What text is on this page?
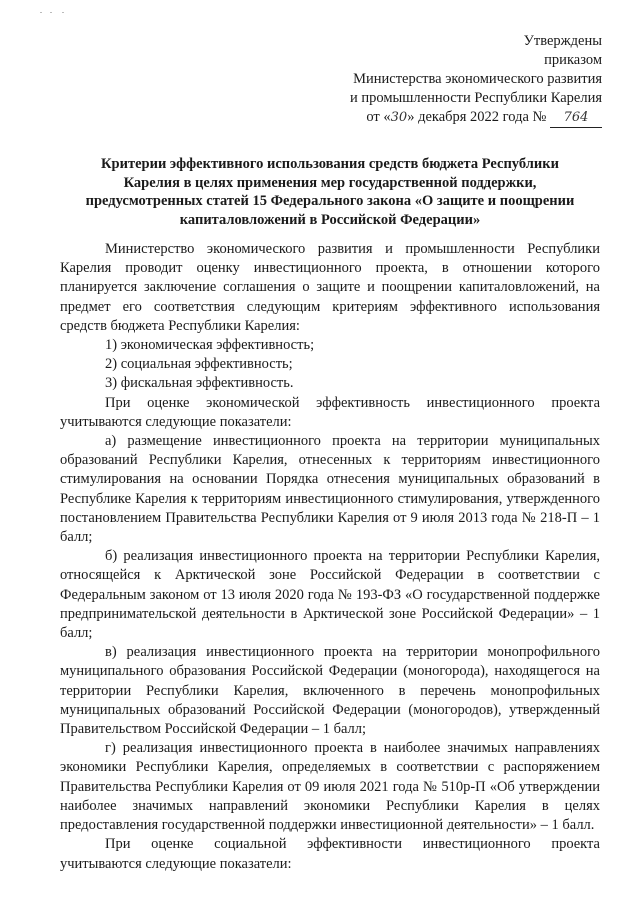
Утверждены
приказом
Министерства экономического развития
и промышленности Республики Карелия
от «30» декабря 2022 года № 764
Критерии эффективного использования средств бюджета Республики
Карелия в целях применения мер государственной поддержки,
предусмотренных статей 15 Федерального закона «О защите и поощрении
капиталовложений в Российской Федерации»

Министерство экономического развития и промышленности Республики Карелия проводит оценку инвестиционного проекта, в отношении которого планируется заключение соглашения о защите и поощрении капиталовложений, на предмет его соответствия следующим критериям эффективного использования средств бюджета Республики Карелия:

1) экономическая эффективность;

2) социальная эффективность;

3) фискальная эффективность.

При оценке экономической эффективность инвестиционного проекта учитываются следующие показатели:

а) размещение инвестиционного проекта на территории муниципальных образований Республики Карелия, отнесенных к территориям инвестиционного стимулирования на основании Порядка отнесения муниципальных образований в Республике Карелия к территориям инвестиционного стимулирования, утвержденного постановлением Правительства Республики Карелия от 9 июля 2013 года № 218-П – 1 балл;

б) реализация инвестиционного проекта на территории Республики Карелия, относящейся к Арктической зоне Российской Федерации в соответствии с Федеральным законом от 13 июля 2020 года № 193-ФЗ «О государственной поддержке предпринимательской деятельности в Арктической зоне Российской Федерации» – 1 балл;

в) реализация инвестиционного проекта на территории монопрофильного муниципального образования Российской Федерации (моногорода), находящегося на территории Республики Карелия, включенного в перечень монопрофильных муниципальных образований Российской Федерации (моногородов), утвержденный Правительством Российской Федерации – 1 балл;

г) реализация инвестиционного проекта в наиболее значимых направлениях экономики Республики Карелия, определяемых в соответствии с распоряжением Правительства Республики Карелия от 09 июля 2021 года № 510р-П «Об утверждении наиболее значимых направлений экономики Республики Карелия в целях предоставления государственной поддержки инвестиционной деятельности» – 1 балл.

При оценке социальной эффективности инвестиционного проекта учитываются следующие показатели:
